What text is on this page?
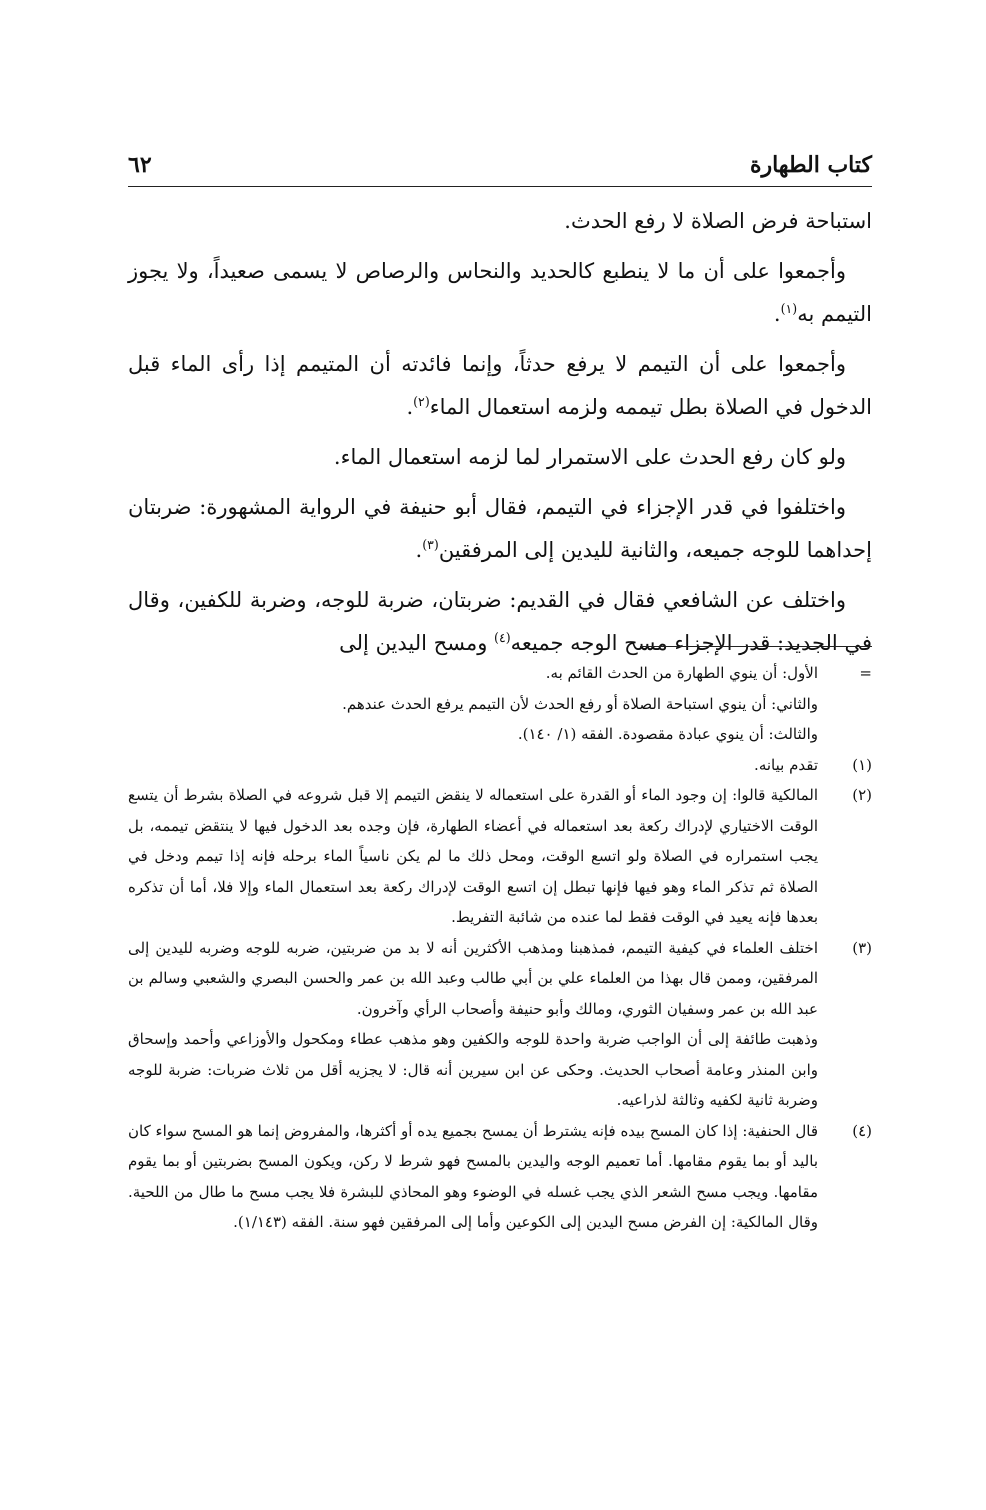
كتاب الطهارة
٦٢

استباحة فرض الصلاة لا رفع الحدث.

وأجمعوا على أن ما لا ينطبع كالحديد والنحاس والرصاص لا يسمى صعيداً، ولا يجوز التيمم به$^{(١)}$.

وأجمعوا على أن التيمم لا يرفع حدثاً، وإنما فائدته أن المتيمم إذا رأى الماء قبل الدخول في الصلاة بطل تيممه ولزمه استعمال الماء$^{(٢)}$.

ولو كان رفع الحدث على الاستمرار لما لزمه استعمال الماء.

واختلفوا في قدر الإجزاء في التيمم، فقال أبو حنيفة في الرواية المشهورة: ضربتان إحداهما للوجه جميعه، والثانية لليدين إلى المرفقين$^{(٣)}$.

واختلف عن الشافعي فقال في القديم: ضربتان، ضربة للوجه، وضربة للكفين، وقال في الجديد: قدر الإجزاء مسح الوجه جميعه$^{(٤)}$ ومسح اليدين إلى

=
الأول: أن ينوي الطهارة من الحدث القائم به.
والثاني: أن ينوي استباحة الصلاة أو رفع الحدث لأن التيمم يرفع الحدث عندهم.
والثالث: أن ينوي عبادة مقصودة. الفقه (١/ ١٤٠).
(١)
تقدم بيانه.
(٢)
المالكية قالوا: إن وجود الماء أو القدرة على استعماله لا ينقض التيمم إلا قبل شروعه في الصلاة بشرط أن يتسع الوقت الاختياري لإدراك ركعة بعد استعماله في أعضاء الطهارة، فإن وجده بعد الدخول فيها لا ينتقض تيممه، بل يجب استمراره في الصلاة ولو اتسع الوقت، ومحل ذلك ما لم يكن ناسياً الماء برحله فإنه إذا تيمم ودخل في الصلاة ثم تذكر الماء وهو فيها فإنها تبطل إن اتسع الوقت لإدراك ركعة بعد استعمال الماء وإلا فلا، أما أن تذكره بعدها فإنه يعيد في الوقت فقط لما عنده من شائبة التفريط.
(٣)
اختلف العلماء في كيفية التيمم، فمذهبنا ومذهب الأكثرين أنه لا بد من ضربتين، ضربه للوجه وضربه لليدين إلى المرفقين، وممن قال بهذا من العلماء علي بن أبي طالب وعبد الله بن عمر والحسن البصري والشعبي وسالم بن عبد الله بن عمر وسفيان الثوري، ومالك وأبو حنيفة وأصحاب الرأي وآخرون.
وذهبت طائفة إلى أن الواجب ضربة واحدة للوجه والكفين وهو مذهب عطاء ومكحول والأوزاعي وأحمد وإسحاق وابن المنذر وعامة أصحاب الحديث. وحكى عن ابن سيرين أنه قال: لا يجزيه أقل من ثلاث ضربات: ضربة للوجه وضربة ثانية لكفيه وثالثة لذراعيه.
(٤)
قال الحنفية: إذا كان المسح بيده فإنه يشترط أن يمسح بجميع يده أو أكثرها، والمفروض إنما هو المسح سواء كان باليد أو بما يقوم مقامها. أما تعميم الوجه واليدين بالمسح فهو شرط لا ركن، ويكون المسح بضربتين أو بما يقوم مقامها. ويجب مسح الشعر الذي يجب غسله في الوضوء وهو المحاذي للبشرة فلا يجب مسح ما طال من اللحية. وقال المالكية: إن الفرض مسح اليدين إلى الكوعين وأما إلى المرفقين فهو سنة. الفقه (١/١٤٣).
